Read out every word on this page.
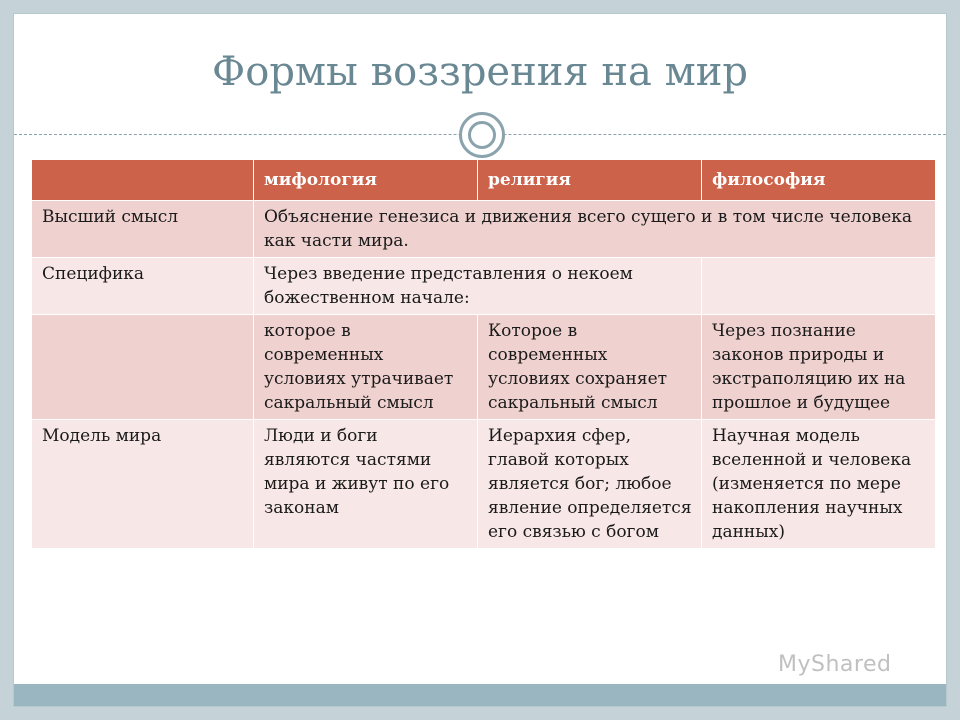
Формы воззрения на мир
	мифология	религия	философия
Высший смысл	Объяснение генезиса и движения всего сущего и в том числе человека как части мира.		
Специфика	Через введение представления о некоем божественном начале:		
	которое в современных условиях утрачивает сакральный смысл	Которое в современных условиях сохраняет сакральный смысл	Через познание законов природы и экстраполяцию их на прошлое и будущее
Модель мира	Люди и боги являются частями мира и живут по его законам	Иерархия сфер, главой которых является бог; любое явление определяется его связью с богом	Научная модель вселенной и человека (изменяется по мере накопления научных данных)
MyShared
